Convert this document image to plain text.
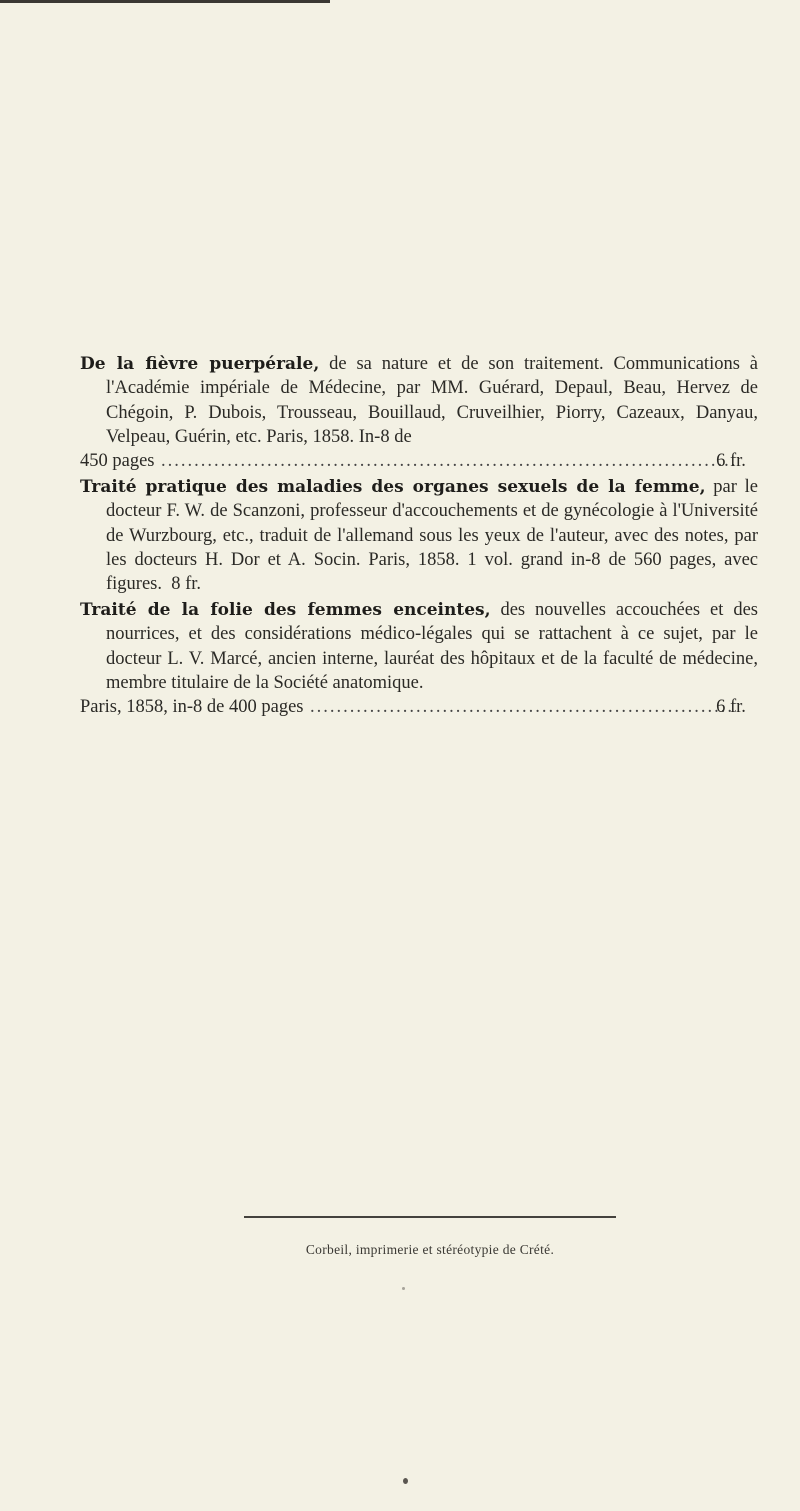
De la fièvre puerpérale, de sa nature et de son traitement. Communications à l'Académie impériale de Médecine, par MM. Guérard, Depaul, Beau, Hervez de Chégoin, P. Dubois, Trousseau, Bouillaud, Cruveilhier, Piorry, Cazeaux, Danyau, Velpeau, Guérin, etc. Paris, 1858. In-8 de
450 pages .....	6 fr.

Traité pratique des maladies des organes sexuels de la femme, par le docteur F. W. de Scanzoni, professeur d'accouchements et de gynécologie à l'Université de Wurzbourg, etc., traduit de l'allemand sous les yeux de l'auteur, avec des notes, par les docteurs H. Dor et A. Socin. Paris, 1858. 1 vol. grand in-8 de 560 pages, avec figures. 8 fr.

Traité de la folie des femmes enceintes, des nouvelles accouchées et des nourrices, et des considérations médico-légales qui se rattachent à ce sujet, par le docteur L. V. Marcé, ancien interne, lauréat des hôpitaux et de la faculté de médecine, membre titulaire de la Société anatomique.
Paris, 1858, in-8 de 400 pages .....	6 fr.

Corbeil, imprimerie et stéréotypie de Crété.
